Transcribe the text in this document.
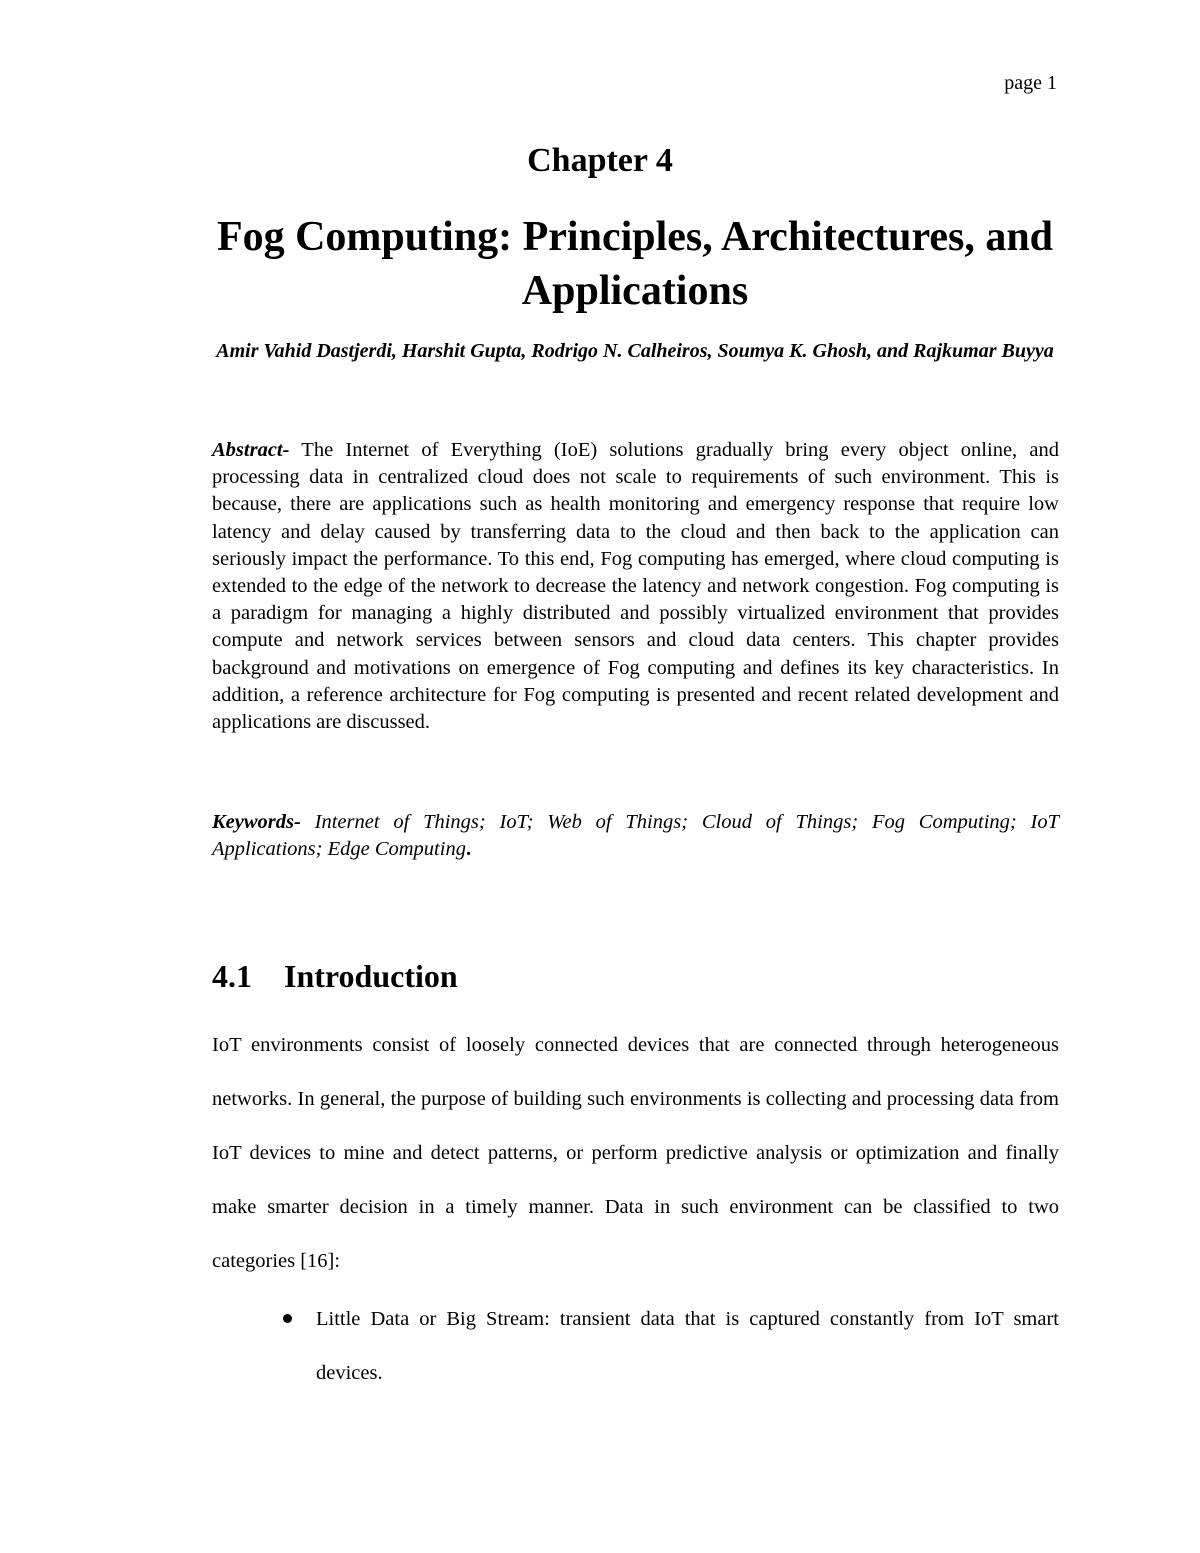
page 1
Chapter 4
Fog Computing: Principles, Architectures, and Applications

Amir Vahid Dastjerdi, Harshit Gupta, Rodrigo N. Calheiros, Soumya K. Ghosh, and Rajkumar Buyya

Abstract- The Internet of Everything (IoE) solutions gradually bring every object online, and processing data in centralized cloud does not scale to requirements of such environment. This is because, there are applications such as health monitoring and emergency response that require low latency and delay caused by transferring data to the cloud and then back to the application can seriously impact the performance. To this end, Fog computing has emerged, where cloud computing is extended to the edge of the network to decrease the latency and network congestion. Fog computing is a paradigm for managing a highly distributed and possibly virtualized environment that provides compute and network services between sensors and cloud data centers. This chapter provides background and motivations on emergence of Fog computing and defines its key characteristics. In addition, a reference architecture for Fog computing is presented and recent related development and applications are discussed.

Keywords- Internet of Things; IoT; Web of Things; Cloud of Things; Fog Computing; IoT Applications; Edge Computing.

4.1 Introduction

IoT environments consist of loosely connected devices that are connected through heterogeneous networks. In general, the purpose of building such environments is collecting and processing data from IoT devices to mine and detect patterns, or perform predictive analysis or optimization and finally make smarter decision in a timely manner. Data in such environment can be classified to two categories [16]:

Little Data or Big Stream: transient data that is captured constantly from IoT smart devices.
